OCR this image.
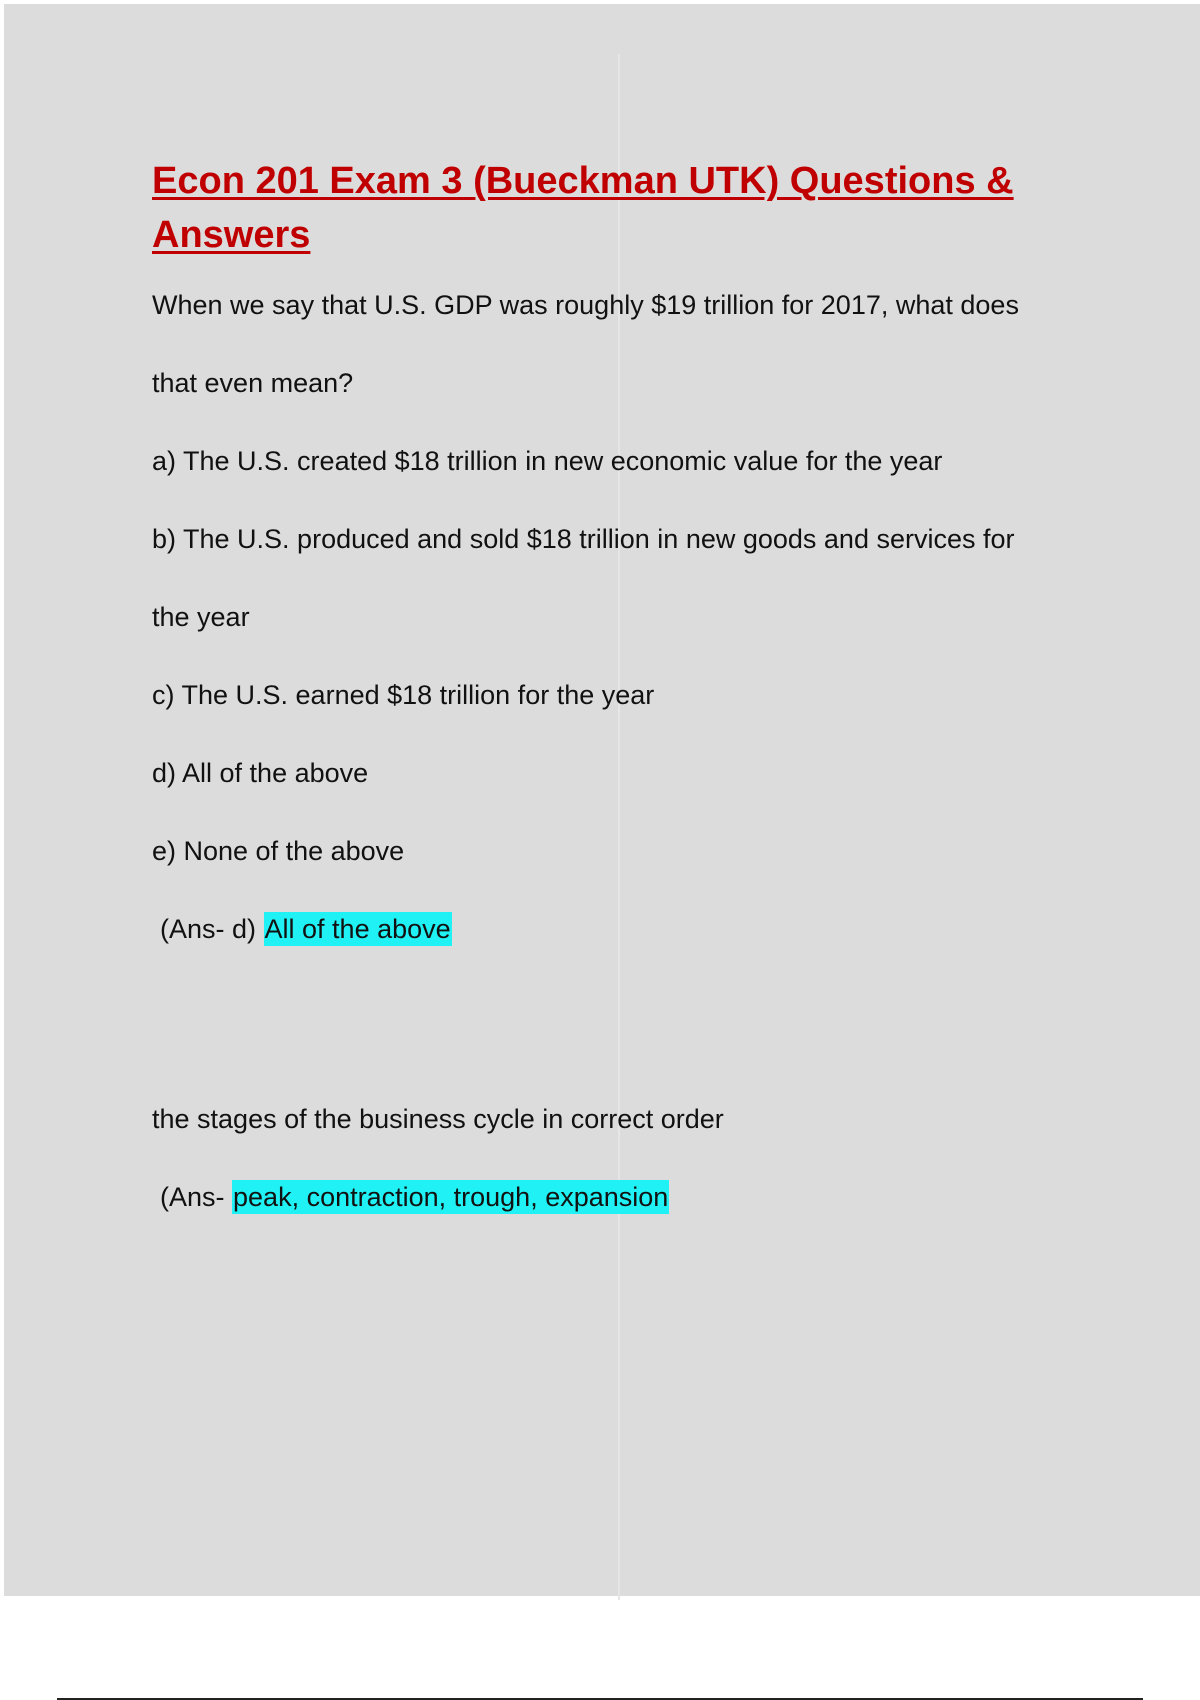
Econ 201 Exam 3 (Bueckman UTK) Questions & Answers

When we say that U.S. GDP was roughly $19 trillion for 2017, what does

that even mean?

a) The U.S. created $18 trillion in new economic value for the year

b) The U.S. produced and sold $18 trillion in new goods and services for

the year

c) The U.S. earned $18 trillion for the year

d) All of the above

e) None of the above

(Ans- d) All of the above

the stages of the business cycle in correct order

(Ans- peak, contraction, trough, expansion
